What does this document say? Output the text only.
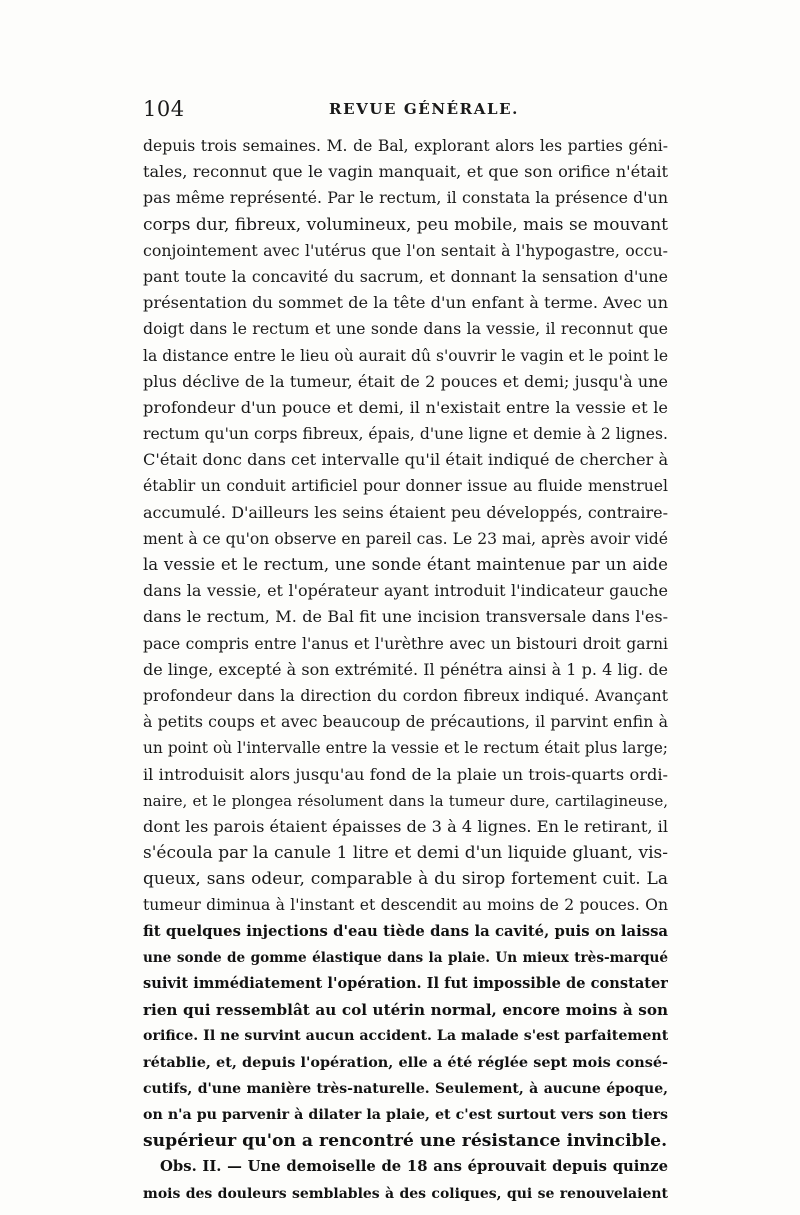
104	REVUE GÉNÉRALE.
depuis trois semaines. M. de Bal, explorant alors les parties géni-
tales, reconnut que le vagin manquait, et que son orifice n'était
pas même représenté. Par le rectum, il constata la présence d'un
corps dur, fibreux, volumineux, peu mobile, mais se mouvant
conjointement avec l'utérus que l'on sentait à l'hypogastre, occu-
pant toute la concavité du sacrum, et donnant la sensation d'une
présentation du sommet de la tête d'un enfant à terme. Avec un
doigt dans le rectum et une sonde dans la vessie, il reconnut que
la distance entre le lieu où aurait dû s'ouvrir le vagin et le point le
plus déclive de la tumeur, était de 2 pouces et demi; jusqu'à une
profondeur d'un pouce et demi, il n'existait entre la vessie et le
rectum qu'un corps fibreux, épais, d'une ligne et demie à 2 lignes.
C'était donc dans cet intervalle qu'il était indiqué de chercher à
établir un conduit artificiel pour donner issue au fluide menstruel
accumulé. D'ailleurs les seins étaient peu développés, contraire-
ment à ce qu'on observe en pareil cas. Le 23 mai, après avoir vidé
la vessie et le rectum, une sonde étant maintenue par un aide
dans la vessie, et l'opérateur ayant introduit l'indicateur gauche
dans le rectum, M. de Bal fit une incision transversale dans l'es-
pace compris entre l'anus et l'urèthre avec un bistouri droit garni
de linge, excepté à son extrémité. Il pénétra ainsi à 1 p. 4 lig. de
profondeur dans la direction du cordon fibreux indiqué. Avançant
à petits coups et avec beaucoup de précautions, il parvint enfin à
un point où l'intervalle entre la vessie et le rectum était plus large;
il introduisit alors jusqu'au fond de la plaie un trois-quarts ordi-
naire, et le plongea résolument dans la tumeur dure, cartilagineuse,
dont les parois étaient épaisses de 3 à 4 lignes. En le retirant, il
s'écoula par la canule 1 litre et demi d'un liquide gluant, vis-
queux, sans odeur, comparable à du sirop fortement cuit. La
tumeur diminua à l'instant et descendit au moins de 2 pouces. On
fit quelques injections d'eau tiède dans la cavité, puis on laissa
une sonde de gomme élastique dans la plaie. Un mieux très-marqué
suivit immédiatement l'opération. Il fut impossible de constater
rien qui ressemblât au col utérin normal, encore moins à son
orifice. Il ne survint aucun accident. La malade s'est parfaitement
rétablie, et, depuis l'opération, elle a été réglée sept mois consé-
cutifs, d'une manière très-naturelle. Seulement, à aucune époque,
on n'a pu parvenir à dilater la plaie, et c'est surtout vers son tiers
supérieur qu'on a rencontré une résistance invincible.
Obs. II. — Une demoiselle de 18 ans éprouvait depuis quinze
mois des douleurs semblables à des coliques, qui se renouvelaient
